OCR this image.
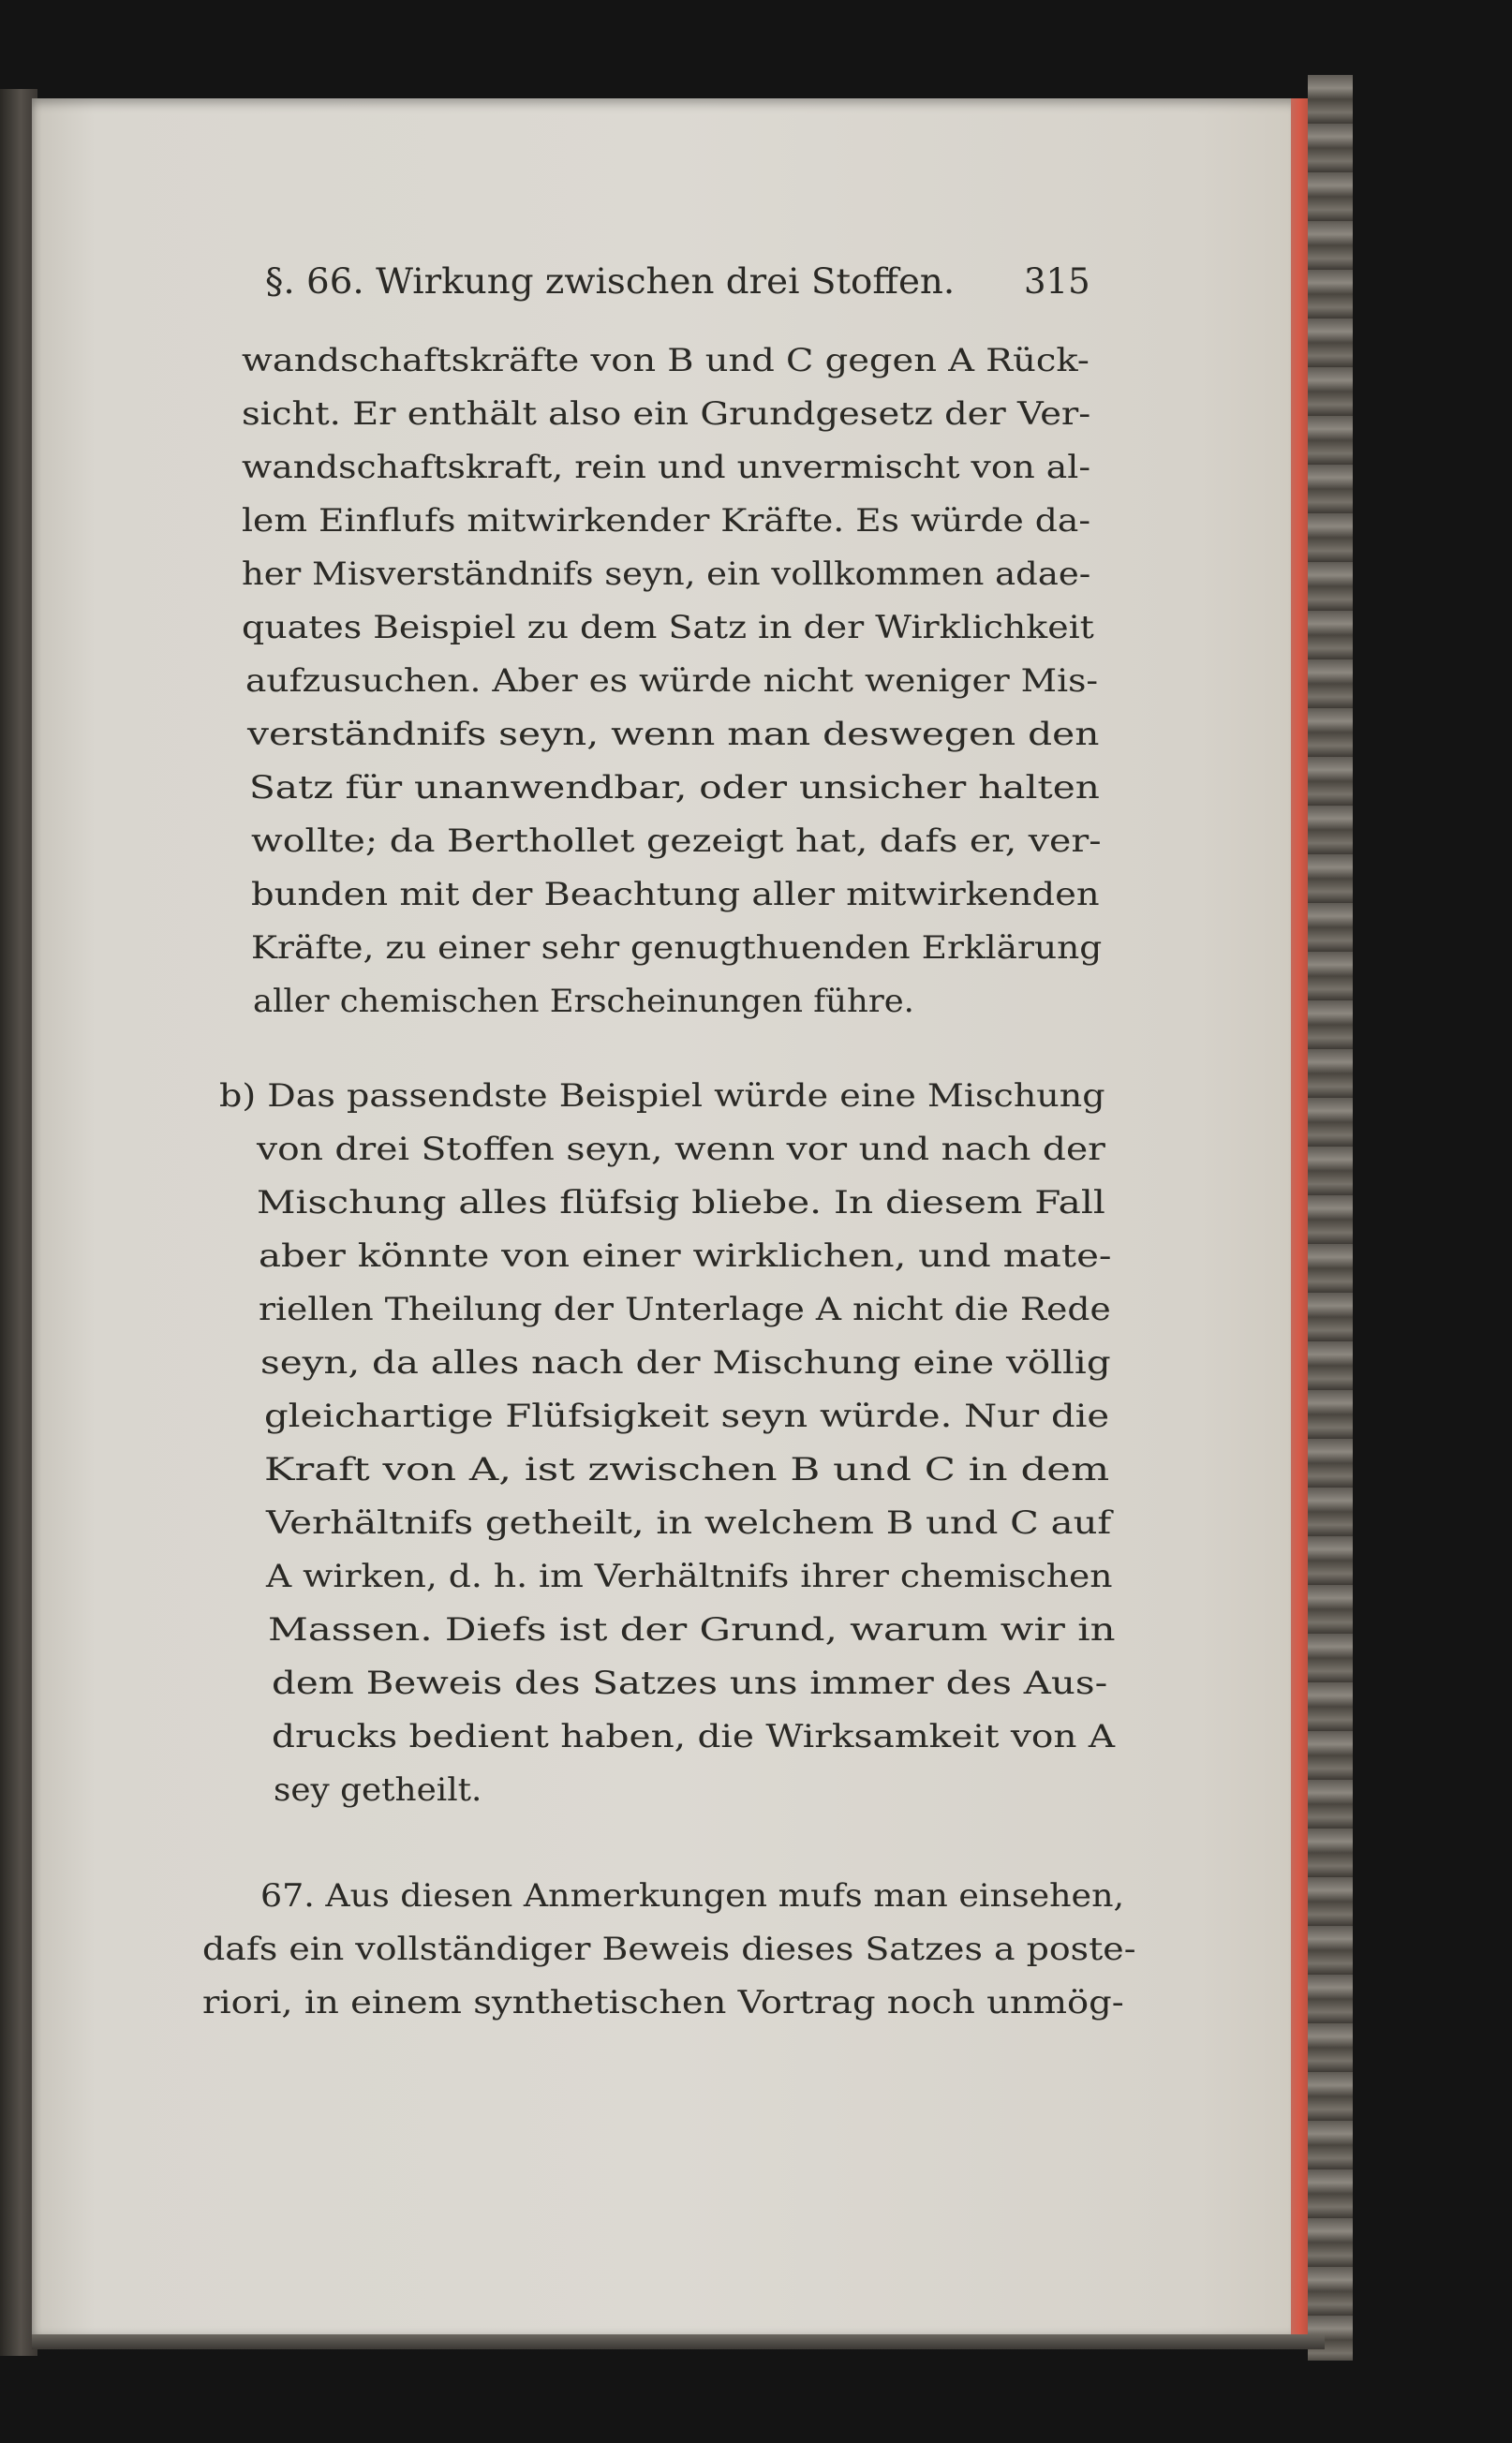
§. 66. Wirkung zwischen drei Stoffen. 315
wandschaftskräfte von B und C gegen A Rück-
sicht. Er enthält also ein Grundgesetz der Ver-
wandschaftskraft, rein und unvermischt von al-
lem Einflufs mitwirkender Kräfte. Es würde da-
her Misverständnifs seyn, ein vollkommen adae-
quates Beispiel zu dem Satz in der Wirklichkeit
aufzusuchen. Aber es würde nicht weniger Mis-
verständnifs seyn, wenn man deswegen den
Satz für unanwendbar, oder unsicher halten
wollte; da Berthollet gezeigt hat, dafs er, ver-
bunden mit der Beachtung aller mitwirkenden
Kräfte, zu einer sehr genugthuenden Erklärung
aller chemischen Erscheinungen führe.
b) Das passendste Beispiel würde eine Mischung
von drei Stoffen seyn, wenn vor und nach der
Mischung alles flüfsig bliebe. In diesem Fall
aber könnte von einer wirklichen, und mate-
riellen Theilung der Unterlage A nicht die Rede
seyn, da alles nach der Mischung eine völlig
gleichartige Flüfsigkeit seyn würde. Nur die
Kraft von A, ist zwischen B und C in dem
Verhältnifs getheilt, in welchem B und C auf
A wirken, d. h. im Verhältnifs ihrer chemischen
Massen. Diefs ist der Grund, warum wir in
dem Beweis des Satzes uns immer des Aus-
drucks bedient haben, die Wirksamkeit von A
sey getheilt.
67. Aus diesen Anmerkungen mufs man einsehen,
dafs ein vollständiger Beweis dieses Satzes a poste-
riori, in einem synthetischen Vortrag noch unmög-
